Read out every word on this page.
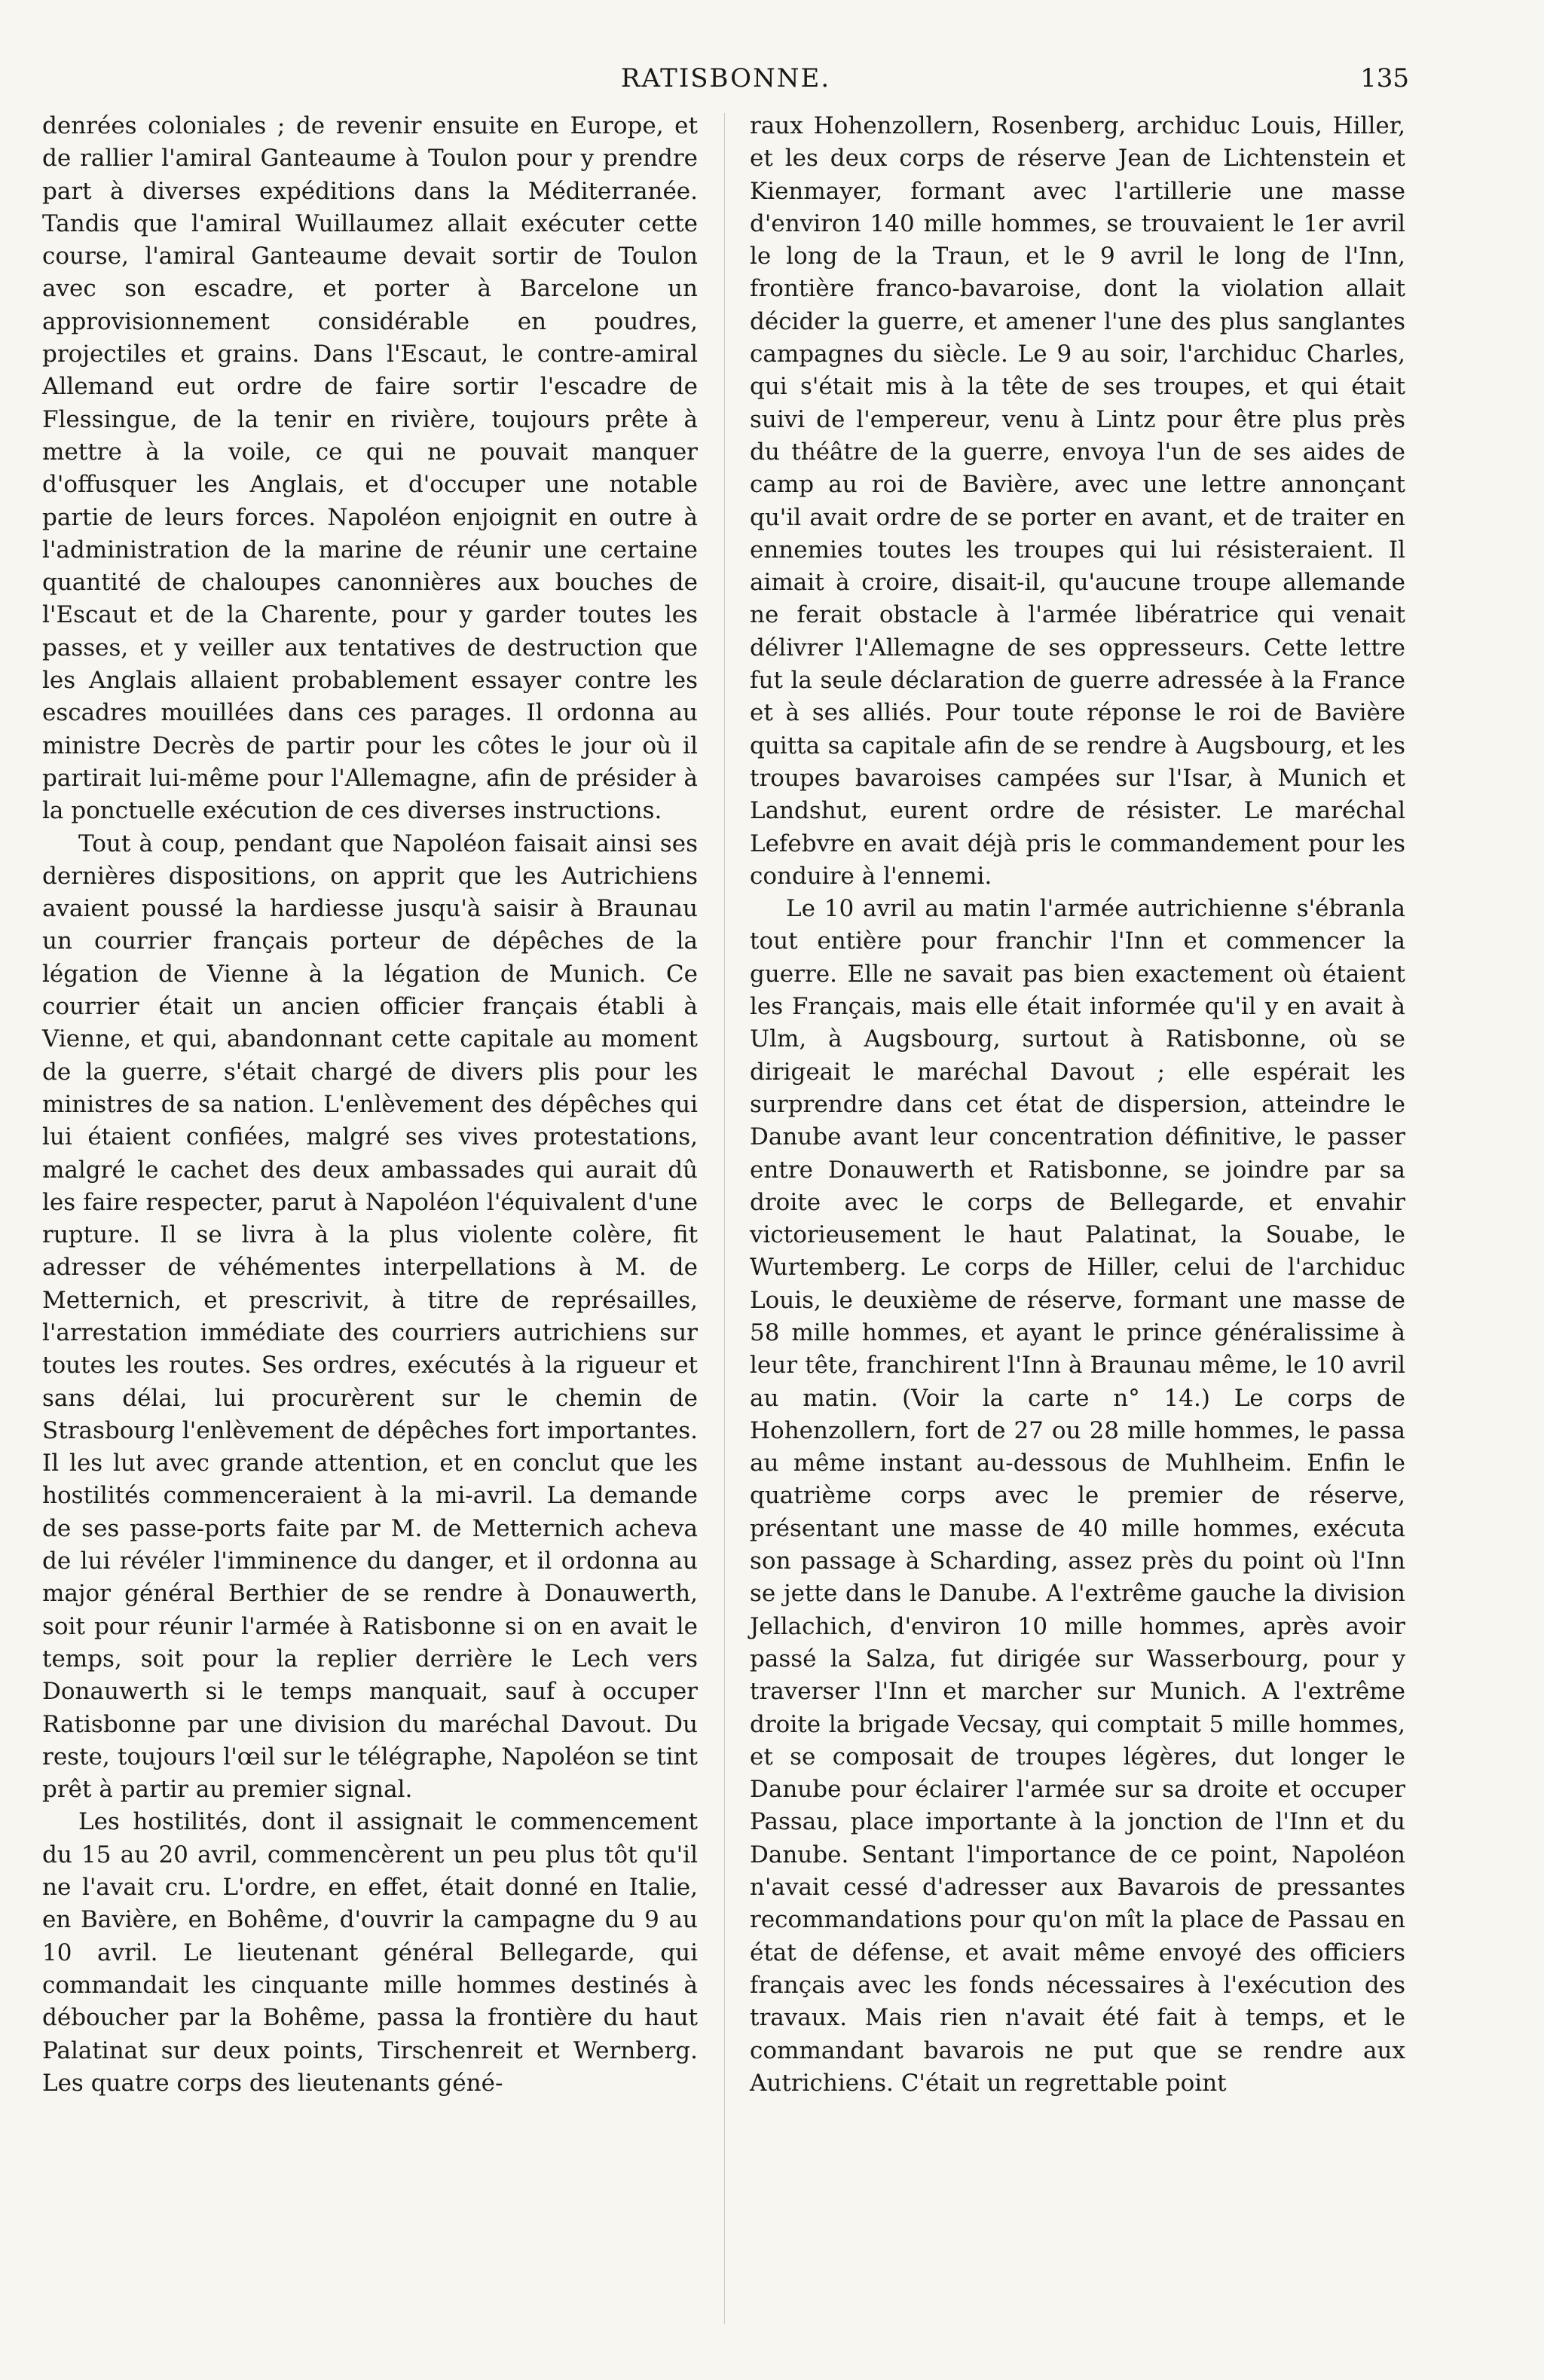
RATISBONNE.	135

denrées coloniales ; de revenir ensuite en Europe, et de rallier l'amiral Ganteaume à Toulon pour y prendre part à diverses expéditions dans la Méditerranée. Tandis que l'amiral Wuillaumez allait exécuter cette course, l'amiral Ganteaume devait sortir de Toulon avec son escadre, et porter à Barcelone un approvisionnement considérable en poudres, projectiles et grains. Dans l'Escaut, le contre-amiral Allemand eut ordre de faire sortir l'escadre de Flessingue, de la tenir en rivière, toujours prête à mettre à la voile, ce qui ne pouvait manquer d'offusquer les Anglais, et d'occuper une notable partie de leurs forces. Napoléon enjoignit en outre à l'administration de la marine de réunir une certaine quantité de chaloupes canonnières aux bouches de l'Escaut et de la Charente, pour y garder toutes les passes, et y veiller aux tentatives de destruction que les Anglais allaient probablement essayer contre les escadres mouillées dans ces parages. Il ordonna au ministre Decrès de partir pour les côtes le jour où il partirait lui-même pour l'Allemagne, afin de présider à la ponctuelle exécution de ces diverses instructions.

Tout à coup, pendant que Napoléon faisait ainsi ses dernières dispositions, on apprit que les Autrichiens avaient poussé la hardiesse jusqu'à saisir à Braunau un courrier français porteur de dépêches de la légation de Vienne à la légation de Munich. Ce courrier était un ancien officier français établi à Vienne, et qui, abandonnant cette capitale au moment de la guerre, s'était chargé de divers plis pour les ministres de sa nation. L'enlèvement des dépêches qui lui étaient confiées, malgré ses vives protestations, malgré le cachet des deux ambassades qui aurait dû les faire respecter, parut à Napoléon l'équivalent d'une rupture. Il se livra à la plus violente colère, fit adresser de véhémentes interpellations à M. de Metternich, et prescrivit, à titre de représailles, l'arrestation immédiate des courriers autrichiens sur toutes les routes. Ses ordres, exécutés à la rigueur et sans délai, lui procurèrent sur le chemin de Strasbourg l'enlèvement de dépêches fort importantes. Il les lut avec grande attention, et en conclut que les hostilités commenceraient à la mi-avril. La demande de ses passe-ports faite par M. de Metternich acheva de lui révéler l'imminence du danger, et il ordonna au major général Berthier de se rendre à Donauwerth, soit pour réunir l'armée à Ratisbonne si on en avait le temps, soit pour la replier derrière le Lech vers Donauwerth si le temps manquait, sauf à occuper Ratisbonne par une division du maréchal Davout. Du reste, toujours l'œil sur le télégraphe, Napoléon se tint prêt à partir au premier signal.

Les hostilités, dont il assignait le commencement du 15 au 20 avril, commencèrent un peu plus tôt qu'il ne l'avait cru. L'ordre, en effet, était donné en Italie, en Bavière, en Bohême, d'ouvrir la campagne du 9 au 10 avril. Le lieutenant général Bellegarde, qui commandait les cinquante mille hommes destinés à déboucher par la Bohême, passa la frontière du haut Palatinat sur deux points, Tirschenreit et Wernberg. Les quatre corps des lieutenants géné-

raux Hohenzollern, Rosenberg, archiduc Louis, Hiller, et les deux corps de réserve Jean de Lichtenstein et Kienmayer, formant avec l'artillerie une masse d'environ 140 mille hommes, se trouvaient le 1er avril le long de la Traun, et le 9 avril le long de l'Inn, frontière franco-bavaroise, dont la violation allait décider la guerre, et amener l'une des plus sanglantes campagnes du siècle. Le 9 au soir, l'archiduc Charles, qui s'était mis à la tête de ses troupes, et qui était suivi de l'empereur, venu à Lintz pour être plus près du théâtre de la guerre, envoya l'un de ses aides de camp au roi de Bavière, avec une lettre annonçant qu'il avait ordre de se porter en avant, et de traiter en ennemies toutes les troupes qui lui résisteraient. Il aimait à croire, disait-il, qu'aucune troupe allemande ne ferait obstacle à l'armée libératrice qui venait délivrer l'Allemagne de ses oppresseurs. Cette lettre fut la seule déclaration de guerre adressée à la France et à ses alliés. Pour toute réponse le roi de Bavière quitta sa capitale afin de se rendre à Augsbourg, et les troupes bavaroises campées sur l'Isar, à Munich et Landshut, eurent ordre de résister. Le maréchal Lefebvre en avait déjà pris le commandement pour les conduire à l'ennemi.

Le 10 avril au matin l'armée autrichienne s'ébranla tout entière pour franchir l'Inn et commencer la guerre. Elle ne savait pas bien exactement où étaient les Français, mais elle était informée qu'il y en avait à Ulm, à Augsbourg, surtout à Ratisbonne, où se dirigeait le maréchal Davout ; elle espérait les surprendre dans cet état de dispersion, atteindre le Danube avant leur concentration définitive, le passer entre Donauwerth et Ratisbonne, se joindre par sa droite avec le corps de Bellegarde, et envahir victorieusement le haut Palatinat, la Souabe, le Wurtemberg. Le corps de Hiller, celui de l'archiduc Louis, le deuxième de réserve, formant une masse de 58 mille hommes, et ayant le prince généralissime à leur tête, franchirent l'Inn à Braunau même, le 10 avril au matin. (Voir la carte n° 14.) Le corps de Hohenzollern, fort de 27 ou 28 mille hommes, le passa au même instant au-dessous de Muhlheim. Enfin le quatrième corps avec le premier de réserve, présentant une masse de 40 mille hommes, exécuta son passage à Scharding, assez près du point où l'Inn se jette dans le Danube. A l'extrême gauche la division Jellachich, d'environ 10 mille hommes, après avoir passé la Salza, fut dirigée sur Wasserbourg, pour y traverser l'Inn et marcher sur Munich. A l'extrême droite la brigade Vecsay, qui comptait 5 mille hommes, et se composait de troupes légères, dut longer le Danube pour éclairer l'armée sur sa droite et occuper Passau, place importante à la jonction de l'Inn et du Danube. Sentant l'importance de ce point, Napoléon n'avait cessé d'adresser aux Bavarois de pressantes recommandations pour qu'on mît la place de Passau en état de défense, et avait même envoyé des officiers français avec les fonds nécessaires à l'exécution des travaux. Mais rien n'avait été fait à temps, et le commandant bavarois ne put que se rendre aux Autrichiens. C'était un regrettable point
